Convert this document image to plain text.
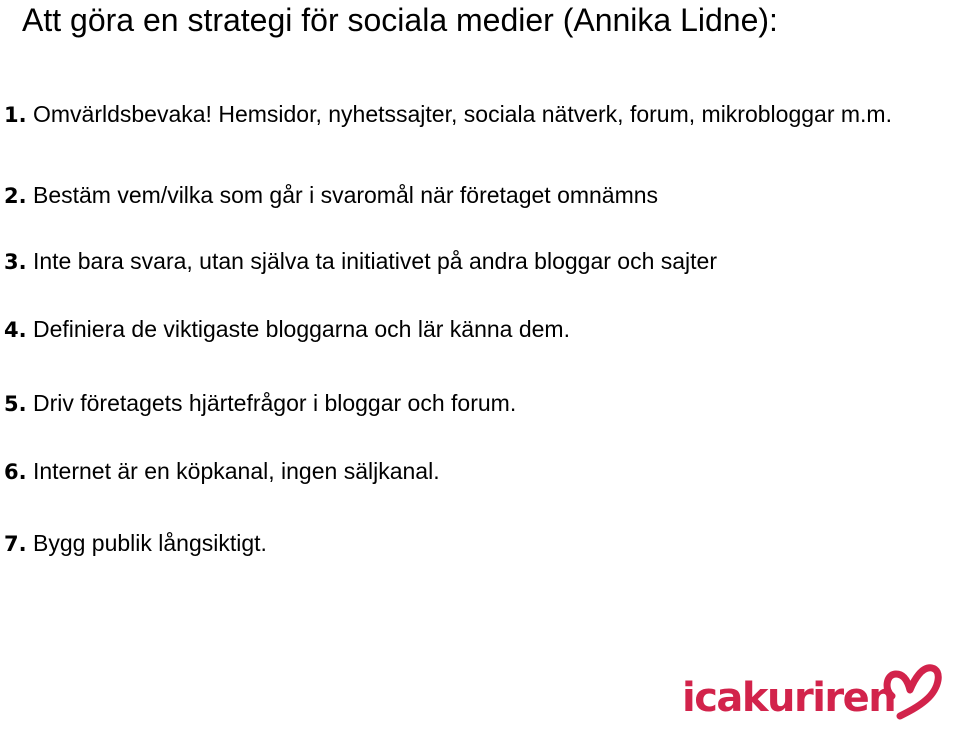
Att göra en strategi för sociala medier (Annika Lidne):
1. Omvärldsbevaka! Hemsidor, nyhetssajter, sociala nätverk, forum, mikrobloggar m.m.
2. Bestäm vem/vilka som går i svaromål när företaget omnämns
3. Inte bara svara, utan själva ta initiativet på andra bloggar och sajter
4. Definiera de viktigaste bloggarna och lär känna dem.
5. Driv företagets hjärtefrågor i bloggar och forum.
6. Internet är en köpkanal, ingen säljkanal.
7. Bygg publik långsiktigt.
icakuriren
